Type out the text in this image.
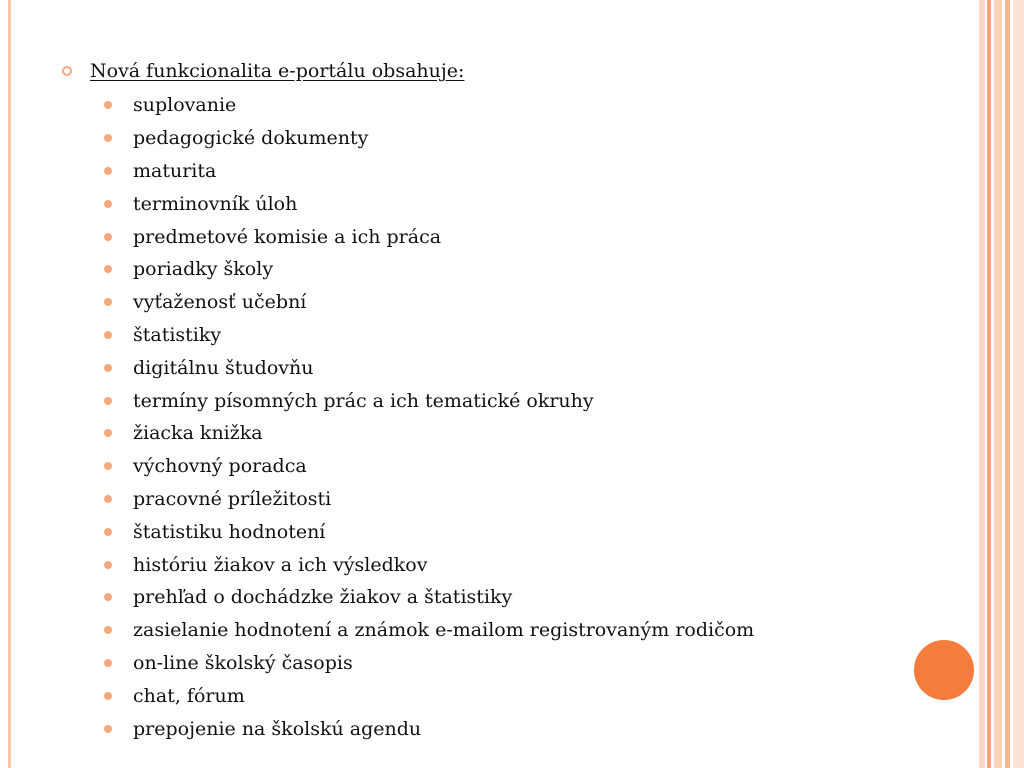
Nová funkcionalita e-portálu obsahuje:
suplovanie
pedagogické dokumenty
maturita
terminovník úloh
predmetové komisie a ich práca
poriadky školy
vyťaženosť učební
štatistiky
digitálnu študovňu
termíny písomných prác a ich tematické okruhy
žiacka knižka
výchovný poradca
pracovné príležitosti
štatistiku hodnotení
históriu žiakov a ich výsledkov
prehľad o dochádzke žiakov a štatistiky
zasielanie hodnotení a známok e-mailom registrovaným rodičom
on-line školský časopis
chat, fórum
prepojenie na školskú agendu
